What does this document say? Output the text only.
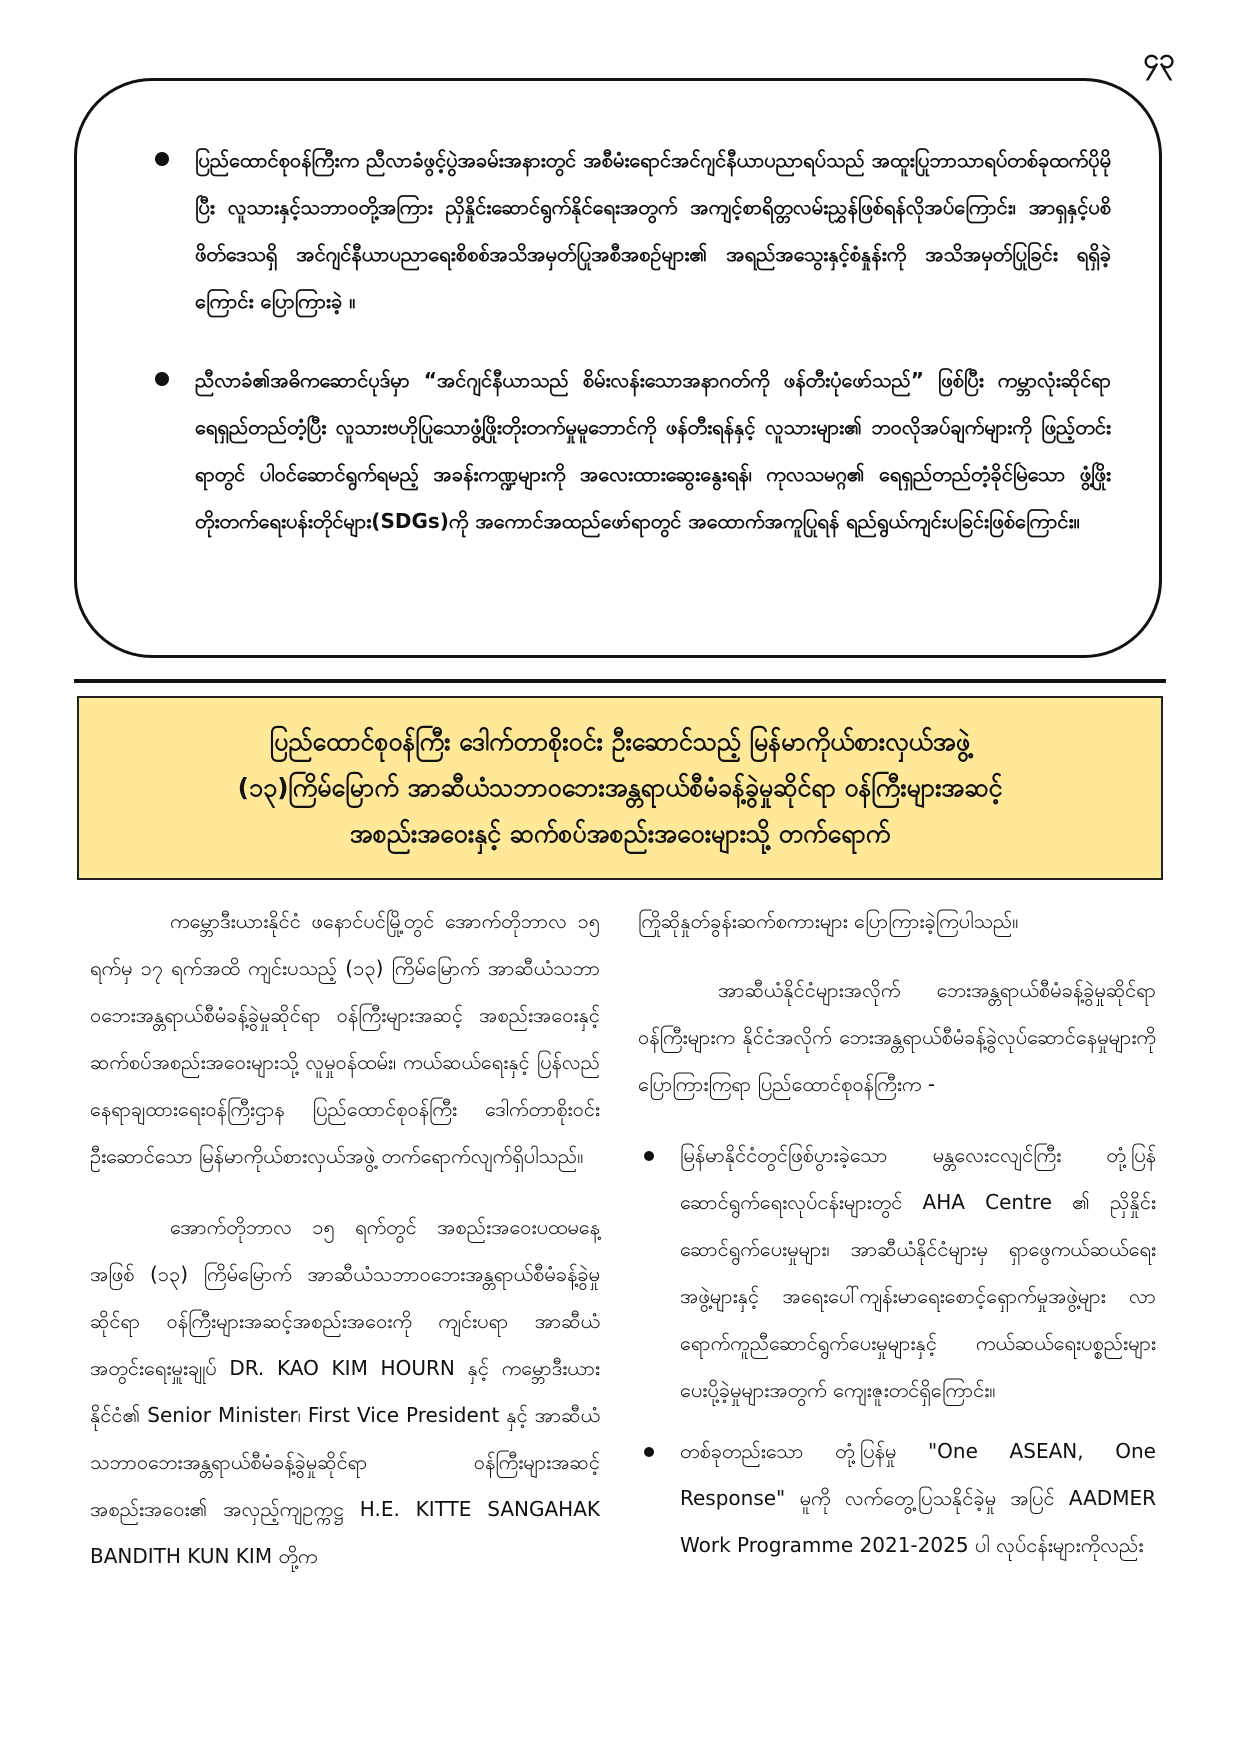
၄၃
ပြည်ထောင်စုဝန်ကြီးက ညီလာခံဖွင့်ပွဲအခမ်းအနားတွင် အစီမံးရောင်အင်ဂျင်နီယာပညာရပ်သည် အထူးပြုဘာသာရပ်တစ်ခုထက်ပိုမိုပြီး လူသားနှင့်သဘာဝတို့အကြား ညှိနှိုင်းဆောင်ရွက်နိုင်ရေးအတွက် အကျင့်စာရိတ္တလမ်းညွှန်ဖြစ်ရန်လိုအပ်ကြောင်း၊ အာရှနှင့်ပစိဖိတ်ဒေသရှိ အင်ဂျင်နီယာပညာရေးစိစစ်အသိအမှတ်ပြုအစီအစဉ်များ၏ အရည်အသွေးနှင့်စံနှုန်းကို အသိအမှတ်ပြုခြင်း ရရှိခဲ့ကြောင်း ပြောကြားခဲ့ ။
ညီလာခံ၏အဓိကဆောင်ပုဒ်မှာ “အင်ဂျင်နီယာသည် စိမ်းလန်းသောအနာဂတ်ကို ဖန်တီးပုံဖော်သည်” ဖြစ်ပြီး ကမ္ဘာလုံးဆိုင်ရာရေရှည်တည်တံ့ပြီး လူသားဗဟိုပြုသောဖွံ့ဖြိုးတိုးတက်မှုမူဘောင်ကို ဖန်တီးရန်နှင့် လူသားများ၏ ဘဝလိုအပ်ချက်များကို ဖြည့်တင်းရာတွင် ပါဝင်ဆောင်ရွက်ရမည့် အခန်းကဏ္ဍများကို အလေးထားဆွေးနွေးရန်၊ ကုလသမဂ္ဂ၏ ရေရှည်တည်တံ့ခိုင်မြဲသော ဖွံ့ဖြိုးတိုးတက်ရေးပန်းတိုင်များ(SDGs)ကို အကောင်အထည်ဖော်ရာတွင် အထောက်အကူပြုရန် ရည်ရွယ်ကျင်းပခြင်းဖြစ်ကြောင်း။
ပြည်ထောင်စုဝန်ကြီး ဒေါက်တာစိုးဝင်း ဦးဆောင်သည့် မြန်မာကိုယ်စားလှယ်အဖွဲ့
(၁၃)ကြိမ်မြောက် အာဆီယံသဘာဝဘေးအန္တရာယ်စီမံခန့်ခွဲမှုဆိုင်ရာ ဝန်ကြီးများအဆင့်
အစည်းအဝေးနှင့် ဆက်စပ်အစည်းအဝေးများသို့ တက်ရောက်

ကမ္ဘောဒီးယားနိုင်ငံ ဖနောင်ပင်မြို့တွင် အောက်တိုဘာလ ၁၅ ရက်မှ ၁၇ ရက်အထိ ကျင်းပသည့် (၁၃) ကြိမ်မြောက် အာဆီယံသဘာဝဘေးအန္တရာယ်စီမံခန့်ခွဲမှုဆိုင်ရာ ဝန်ကြီးများအဆင့် အစည်းအဝေးနှင့် ဆက်စပ်အစည်းအဝေးများသို့ လူမှုဝန်ထမ်း၊ ကယ်ဆယ်ရေးနှင့် ပြန်လည်နေရာချထားရေးဝန်ကြီးဌာန ပြည်ထောင်စုဝန်ကြီး ဒေါက်တာစိုးဝင်း ဦးဆောင်သော မြန်မာကိုယ်စားလှယ်အဖွဲ့ တက်ရောက်လျက်ရှိပါသည်။

အောက်တိုဘာလ ၁၅ ရက်တွင် အစည်းအဝေးပထမနေ့အဖြစ် (၁၃) ကြိမ်မြောက် အာဆီယံသဘာဝဘေးအန္တရာယ်စီမံခန့်ခွဲမှုဆိုင်ရာ ဝန်ကြီးများအဆင့်အစည်းအဝေးကို ကျင်းပရာ အာဆီယံ အတွင်းရေးမှူးချုပ် DR. KAO KIM HOURN နှင့် ကမ္ဘောဒီးယားနိုင်ငံ၏ Senior Minister၊ First Vice President နှင့် အာဆီယံသဘာဝဘေးအန္တရာယ်စီမံခန့်ခွဲမှုဆိုင်ရာ ဝန်ကြီးများအဆင့်အစည်းအဝေး၏ အလှည့်ကျဥက္ကဋ္ဌ H.E. KITTE SANGAHAK BANDITH KUN KIM တို့က

ကြိုဆိုနှုတ်ခွန်းဆက်စကားများ ပြောကြားခဲ့ကြပါသည်။

အာဆီယံနိုင်ငံများအလိုက် ဘေးအန္တရာယ်စီမံခန့်ခွဲမှုဆိုင်ရာဝန်ကြီးများက နိုင်ငံအလိုက် ဘေးအန္တရာယ်စီမံခန့်ခွဲလုပ်ဆောင်နေမှုများကို ပြောကြားကြရာ ပြည်ထောင်စုဝန်ကြီးက -

မြန်မာနိုင်ငံတွင်ဖြစ်ပွားခဲ့သော မန္တလေးငလျင်ကြီး တုံ့ပြန်ဆောင်ရွက်ရေးလုပ်ငန်းများတွင် AHA Centre ၏ ညှိနှိုင်းဆောင်ရွက်ပေးမှုများ၊ အာဆီယံနိုင်ငံများမှ ရှာဖွေကယ်ဆယ်ရေးအဖွဲ့များနှင့် အရေးပေါ်ကျန်းမာရေးစောင့်ရှောက်မှုအဖွဲ့များ လာရောက်ကူညီဆောင်ရွက်ပေးမှုများနှင့် ကယ်ဆယ်ရေးပစ္စည်းများ ပေးပို့ခဲ့မှုများအတွက် ကျေးဇူးတင်ရှိကြောင်း။
တစ်ခုတည်းသော တုံ့ပြန်မှု "One ASEAN, One Response" မူကို လက်တွေ့ပြသနိုင်ခဲ့မှု အပြင် AADMER Work Programme 2021-2025 ပါ လုပ်ငန်းများကိုလည်း
